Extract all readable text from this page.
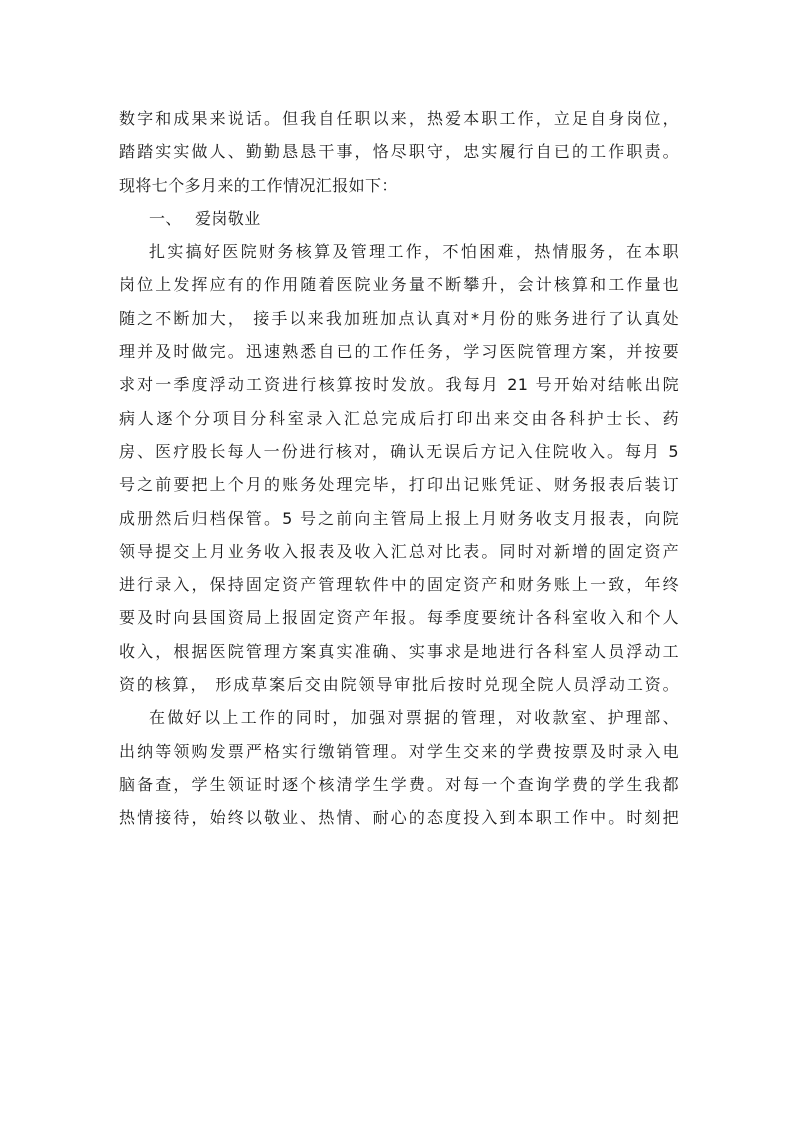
数字和成果来说话。但我自任职以来，热爱本职工作，立足自身岗位，
踏踏实实做人、勤勤恳恳干事，恪尽职守，忠实履行自已的工作职责。
现将七个多月来的工作情况汇报如下：
一、 爱岗敬业
扎实搞好医院财务核算及管理工作，不怕困难，热情服务，在本职
岗位上发挥应有的作用随着医院业务量不断攀升，会计核算和工作量也
随之不断加大， 接手以来我加班加点认真对*月份的账务进行了认真处
理并及时做完。迅速熟悉自已的工作任务，学习医院管理方案，并按要
求对一季度浮动工资进行核算按时发放。我每月 21 号开始对结帐出院
病人逐个分项目分科室录入汇总完成后打印出来交由各科护士长、药
房、医疗股长每人一份进行核对，确认无误后方记入住院收入。每月 5
号之前要把上个月的账务处理完毕，打印出记账凭证、财务报表后装订
成册然后归档保管。5 号之前向主管局上报上月财务收支月报表，向院
领导提交上月业务收入报表及收入汇总对比表。同时对新增的固定资产
进行录入，保持固定资产管理软件中的固定资产和财务账上一致，年终
要及时向县国资局上报固定资产年报。每季度要统计各科室收入和个人
收入，根据医院管理方案真实准确、实事求是地进行各科室人员浮动工
资的核算， 形成草案后交由院领导审批后按时兑现全院人员浮动工资。
在做好以上工作的同时，加强对票据的管理，对收款室、护理部、
出纳等领购发票严格实行缴销管理。对学生交来的学费按票及时录入电
脑备查，学生领证时逐个核清学生学费。对每一个查询学费的学生我都
热情接待，始终以敬业、热情、耐心的态度投入到本职工作中。时刻把
